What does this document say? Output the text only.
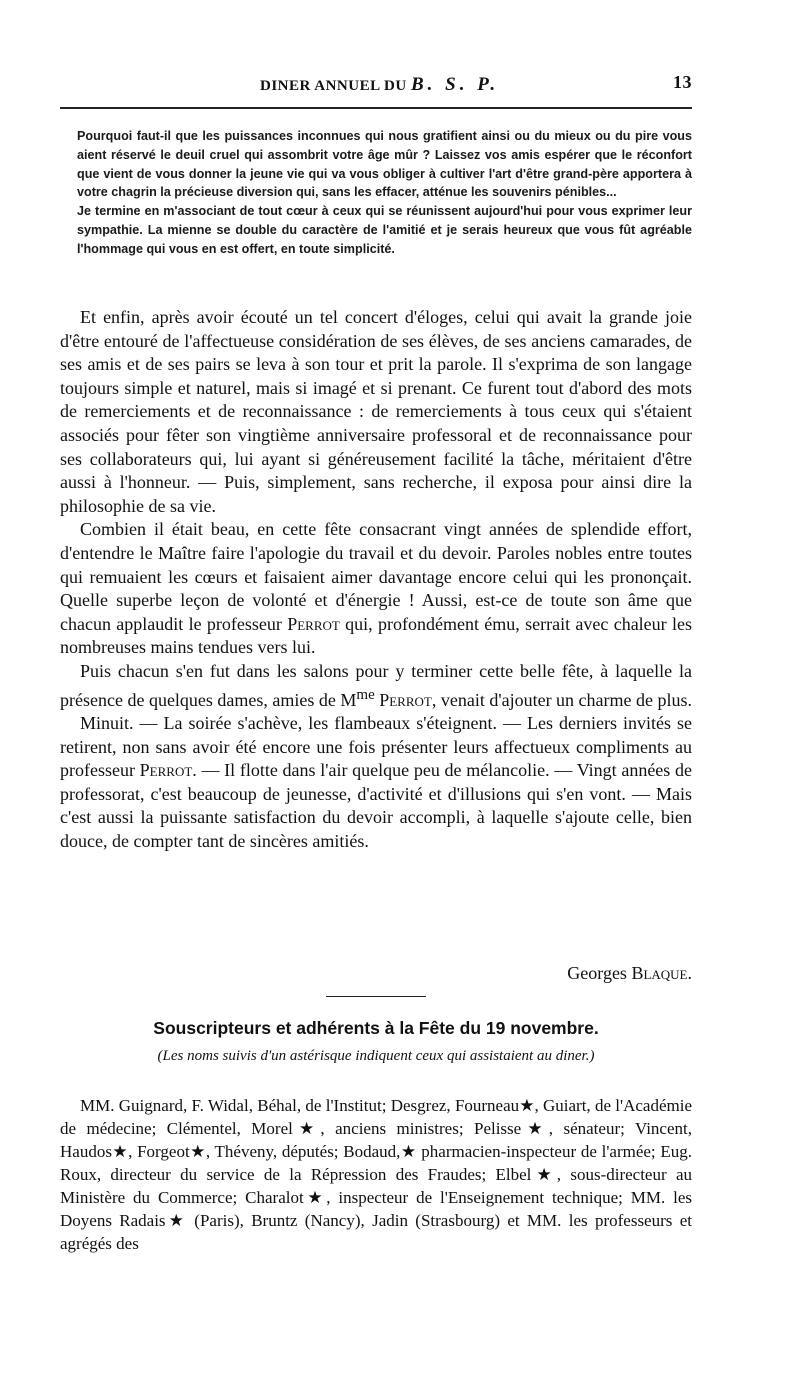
DINER ANNUEL DU B. S. P.	13

Pourquoi faut-il que les puissances inconnues qui nous gratifient ainsi ou du mieux ou du pire vous aient réservé le deuil cruel qui assombrit votre âge mûr ? Laissez vos amis espérer que le réconfort que vient de vous donner la jeune vie qui va vous obliger à cultiver l'art d'être grand-père apportera à votre chagrin la précieuse diversion qui, sans les effacer, atténue les souvenirs pénibles...

Je termine en m'associant de tout cœur à ceux qui se réunissent aujourd'hui pour vous exprimer leur sympathie. La mienne se double du caractère de l'amitié et je serais heureux que vous fût agréable l'hommage qui vous en est offert, en toute simplicité.

Et enfin, après avoir écouté un tel concert d'éloges, celui qui avait la grande joie d'être entouré de l'affectueuse considération de ses élèves, de ses anciens camarades, de ses amis et de ses pairs se leva à son tour et prit la parole. Il s'exprima de son langage toujours simple et naturel, mais si imagé et si prenant. Ce furent tout d'abord des mots de remerciements et de reconnaissance : de remerciements à tous ceux qui s'étaient associés pour fêter son vingtième anniversaire professoral et de reconnaissance pour ses collaborateurs qui, lui ayant si généreusement facilité la tâche, méritaient d'être aussi à l'honneur. — Puis, simplement, sans recherche, il exposa pour ainsi dire la philosophie de sa vie.

Combien il était beau, en cette fête consacrant vingt années de splendide effort, d'entendre le Maître faire l'apologie du travail et du devoir. Paroles nobles entre toutes qui remuaient les cœurs et faisaient aimer davantage encore celui qui les prononçait. Quelle superbe leçon de volonté et d'énergie ! Aussi, est-ce de toute son âme que chacun applaudit le professeur Perrot qui, profondément ému, serrait avec chaleur les nombreuses mains tendues vers lui.

Puis chacun s'en fut dans les salons pour y terminer cette belle fête, à laquelle la présence de quelques dames, amies de $M^{me}$ Perrot, venait d'ajouter un charme de plus.

Minuit. — La soirée s'achève, les flambeaux s'éteignent. — Les derniers invités se retirent, non sans avoir été encore une fois présenter leurs affectueux compliments au professeur Perrot. — Il flotte dans l'air quelque peu de mélancolie. — Vingt années de professorat, c'est beaucoup de jeunesse, d'activité et d'illusions qui s'en vont. — Mais c'est aussi la puissante satisfaction du devoir accompli, à laquelle s'ajoute celle, bien douce, de compter tant de sincères amitiés.

Georges Blaque.
Souscripteurs et adhérents à la Fête du 19 novembre.
(Les noms suivis d'un astérisque indiquent ceux qui assistaient au diner.)

MM. Guignard, F. Widal, Béhal, de l'Institut; Desgrez, Fourneau★, Guiart, de l'Académie de médecine; Clémentel, Morel★, anciens ministres; Pelisse★, sénateur; Vincent, Haudos★, Forgeot★, Théveny, députés; Bodaud,★ pharmacien-inspecteur de l'armée; Eug. Roux, directeur du service de la Répression des Fraudes; Elbel★, sous-directeur au Ministère du Commerce; Charalot★, inspecteur de l'Enseignement technique; MM. les Doyens Radais★ (Paris), Bruntz (Nancy), Jadin (Strasbourg) et MM. les professeurs et agrégés des
